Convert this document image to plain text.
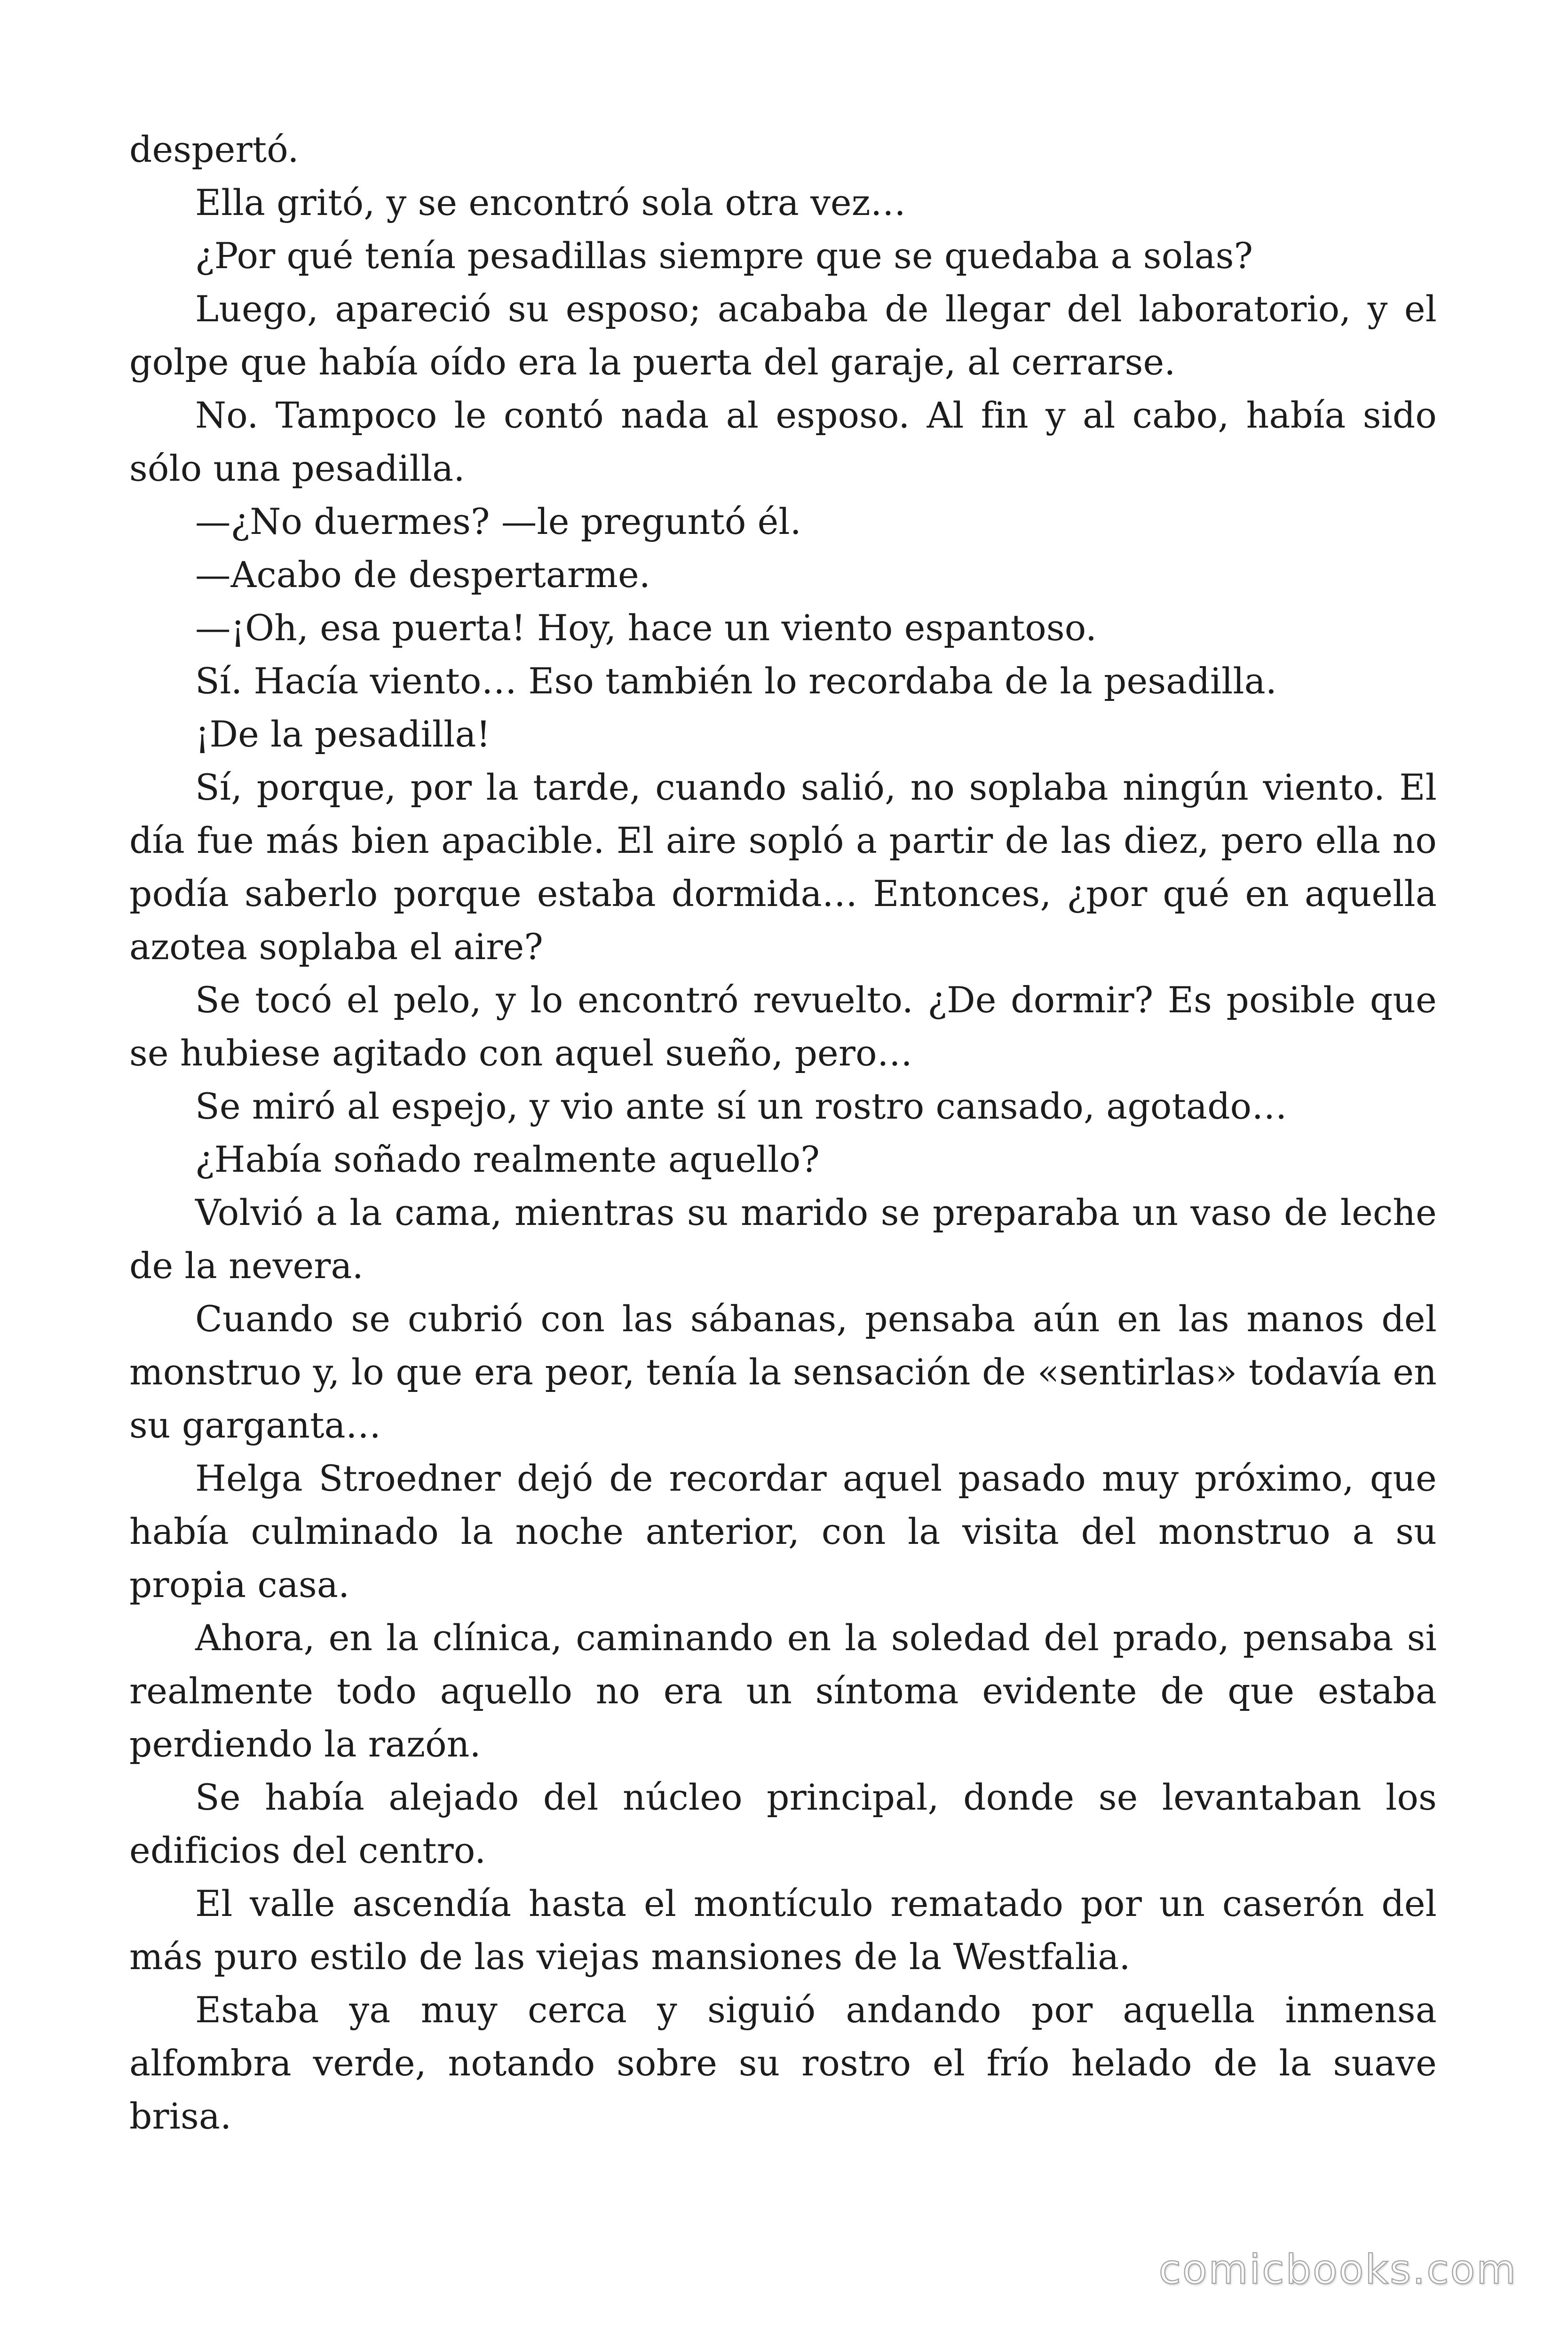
despertó.

Ella gritó, y se encontró sola otra vez…

¿Por qué tenía pesadillas siempre que se quedaba a solas?

Luego, apareció su esposo; acababa de llegar del laboratorio, y el golpe que había oído era la puerta del garaje, al cerrarse.

No. Tampoco le contó nada al esposo. Al fin y al cabo, había sido sólo una pesadilla.

—¿No duermes? —le preguntó él.

—Acabo de despertarme.

—¡Oh, esa puerta! Hoy, hace un viento espantoso.

Sí. Hacía viento… Eso también lo recordaba de la pesadilla.

¡De la pesadilla!

Sí, porque, por la tarde, cuando salió, no soplaba ningún viento. El día fue más bien apacible. El aire sopló a partir de las diez, pero ella no podía saberlo porque estaba dormida… Entonces, ¿por qué en aquella azotea soplaba el aire?

Se tocó el pelo, y lo encontró revuelto. ¿De dormir? Es posible que se hubiese agitado con aquel sueño, pero…

Se miró al espejo, y vio ante sí un rostro cansado, agotado…

¿Había soñado realmente aquello?

Volvió a la cama, mientras su marido se preparaba un vaso de leche de la nevera.

Cuando se cubrió con las sábanas, pensaba aún en las manos del monstruo y, lo que era peor, tenía la sensación de «sentirlas» todavía en su garganta…

Helga Stroedner dejó de recordar aquel pasado muy próximo, que había culminado la noche anterior, con la visita del monstruo a su propia casa.

Ahora, en la clínica, caminando en la soledad del prado, pensaba si realmente todo aquello no era un síntoma evidente de que estaba perdiendo la razón.

Se había alejado del núcleo principal, donde se levantaban los edificios del centro.

El valle ascendía hasta el montículo rematado por un caserón del más puro estilo de las viejas mansiones de la Westfalia.

Estaba ya muy cerca y siguió andando por aquella inmensa alfombra verde, notando sobre su rostro el frío helado de la suave brisa.

comicbooks.com
